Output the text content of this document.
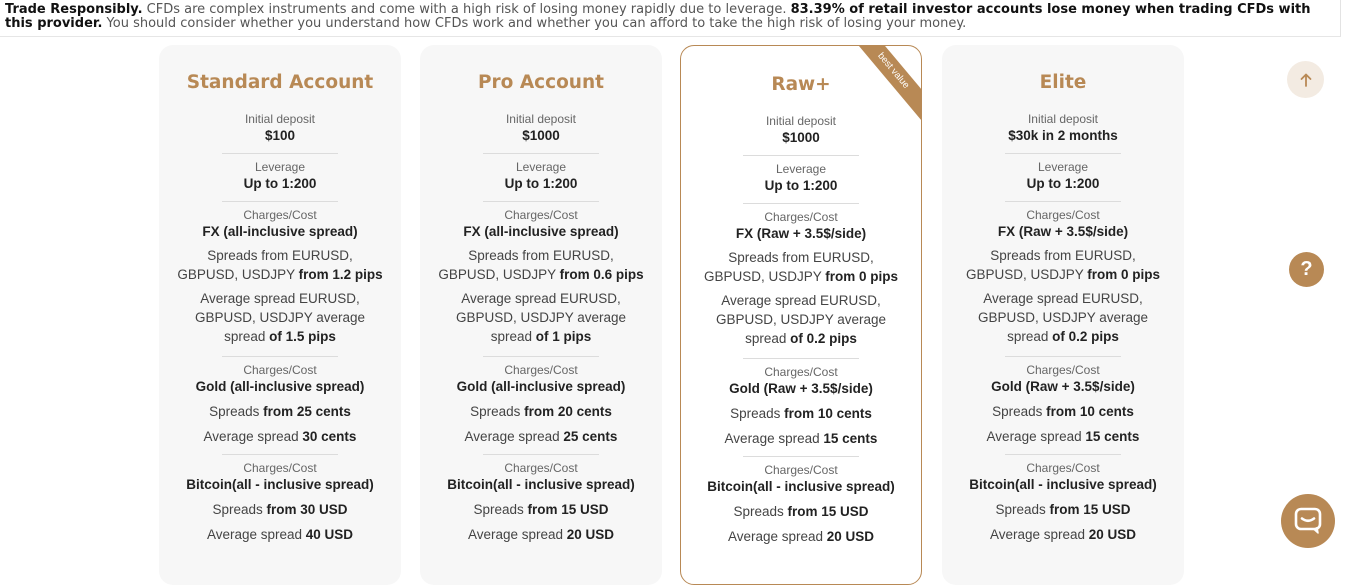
Trade Responsibly. CFDs are complex instruments and come with a high risk of losing money rapidly due to leverage. 83.39% of retail investor accounts lose money when trading CFDs with this provider. You should consider whether you understand how CFDs work and whether you can afford to take the high risk of losing your money.
Standard Account
Initial deposit
$100
Leverage
Up to 1:200
Charges/Cost
FX (all-inclusive spread)
Spreads from EURUSD, GBPUSD, USDJPY from 1.2 pips
Average spread EURUSD, GBPUSD, USDJPY average spread of 1.5 pips
Charges/Cost
Gold (all-inclusive spread)
Spreads from 25 cents
Average spread 30 cents
Charges/Cost
Bitcoin(all - inclusive spread)
Spreads from 30 USD
Average spread 40 USD
Pro Account
Initial deposit
$1000
Leverage
Up to 1:200
Charges/Cost
FX (all-inclusive spread)
Spreads from EURUSD, GBPUSD, USDJPY from 0.6 pips
Average spread EURUSD, GBPUSD, USDJPY average spread of 1 pips
Charges/Cost
Gold (all-inclusive spread)
Spreads from 20 cents
Average spread 25 cents
Charges/Cost
Bitcoin(all - inclusive spread)
Spreads from 15 USD
Average spread 20 USD
best value
Raw+
Initial deposit
$1000
Leverage
Up to 1:200
Charges/Cost
FX (Raw + 3.5$/side)
Spreads from EURUSD, GBPUSD, USDJPY from 0 pips
Average spread EURUSD, GBPUSD, USDJPY average spread of 0.2 pips
Charges/Cost
Gold (Raw + 3.5$/side)
Spreads from 10 cents
Average spread 15 cents
Charges/Cost
Bitcoin(all - inclusive spread)
Spreads from 15 USD
Average spread 20 USD
Elite
Initial deposit
$30k in 2 months
Leverage
Up to 1:200
Charges/Cost
FX (Raw + 3.5$/side)
Spreads from EURUSD, GBPUSD, USDJPY from 0 pips
Average spread EURUSD, GBPUSD, USDJPY average spread of 0.2 pips
Charges/Cost
Gold (Raw + 3.5$/side)
Spreads from 10 cents
Average spread 15 cents
Charges/Cost
Bitcoin(all - inclusive spread)
Spreads from 15 USD
Average spread 20 USD
?
